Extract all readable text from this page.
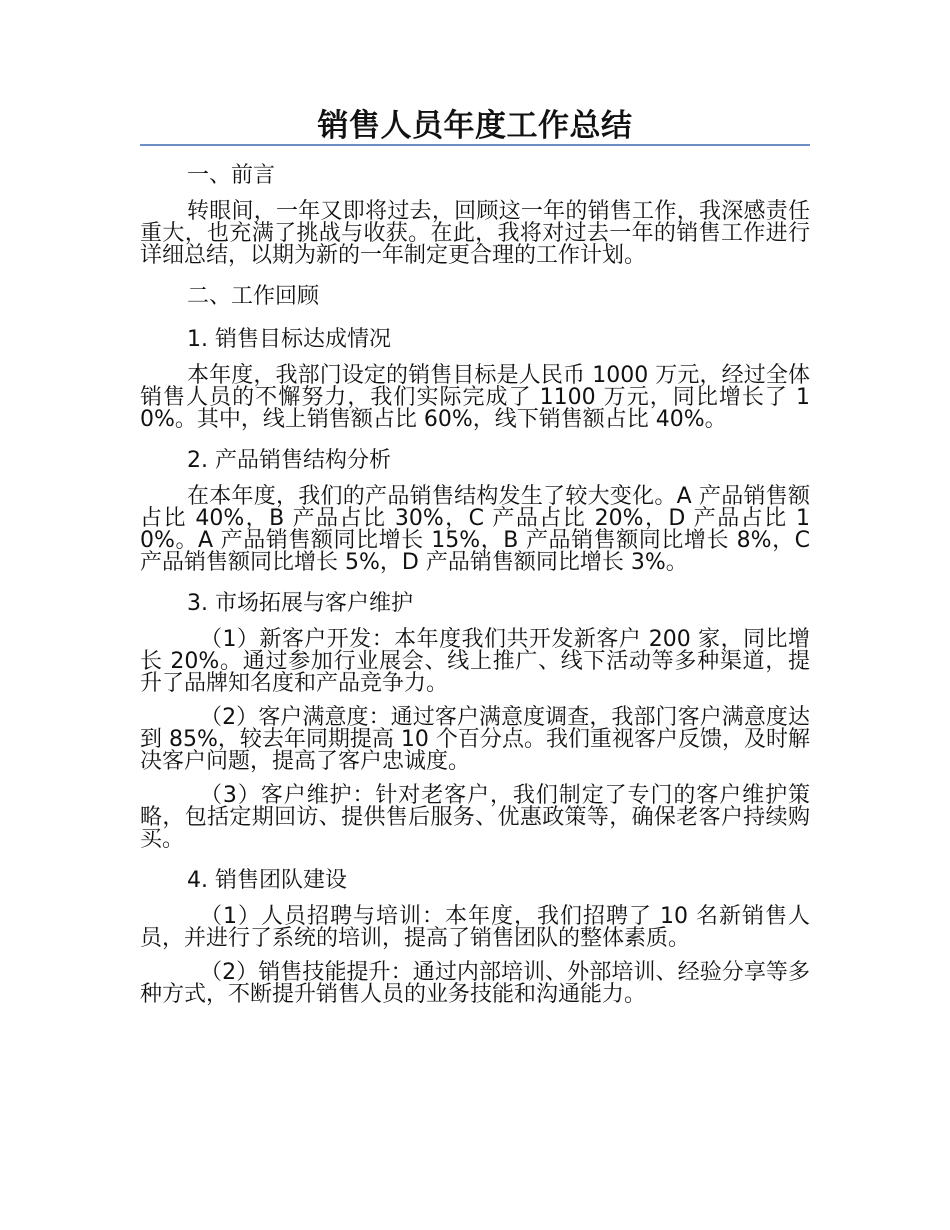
销售人员年度工作总结
一、前言

转眼间，一年又即将过去，回顾这一年的销售工作，我深感责任重大，也充满了挑战与收获。在此，我将对过去一年的销售工作进行详细总结，以期为新的一年制定更合理的工作计划。

二、工作回顾
1. 销售目标达成情况

本年度，我部门设定的销售目标是人民币 1000 万元，经过全体销售人员的不懈努力，我们实际完成了 1100 万元，同比增长了 10%。其中，线上销售额占比 60%，线下销售额占比 40%。

2. 产品销售结构分析

在本年度，我们的产品销售结构发生了较大变化。A 产品销售额占比 40%，B 产品占比 30%，C 产品占比 20%，D 产品占比 10%。A 产品销售额同比增长 15%，B 产品销售额同比增长 8%，C 产品销售额同比增长 5%，D 产品销售额同比增长 3%。

3. 市场拓展与客户维护

（1）新客户开发：本年度我们共开发新客户 200 家，同比增长 20%。通过参加行业展会、线上推广、线下活动等多种渠道，提升了品牌知名度和产品竞争力。

（2）客户满意度：通过客户满意度调查，我部门客户满意度达到 85%，较去年同期提高 10 个百分点。我们重视客户反馈，及时解决客户问题，提高了客户忠诚度。

（3）客户维护：针对老客户，我们制定了专门的客户维护策略，包括定期回访、提供售后服务、优惠政策等，确保老客户持续购买。

4. 销售团队建设

（1）人员招聘与培训：本年度，我们招聘了 10 名新销售人员，并进行了系统的培训，提高了销售团队的整体素质。

（2）销售技能提升：通过内部培训、外部培训、经验分享等多种方式，不断提升销售人员的业务技能和沟通能力。
